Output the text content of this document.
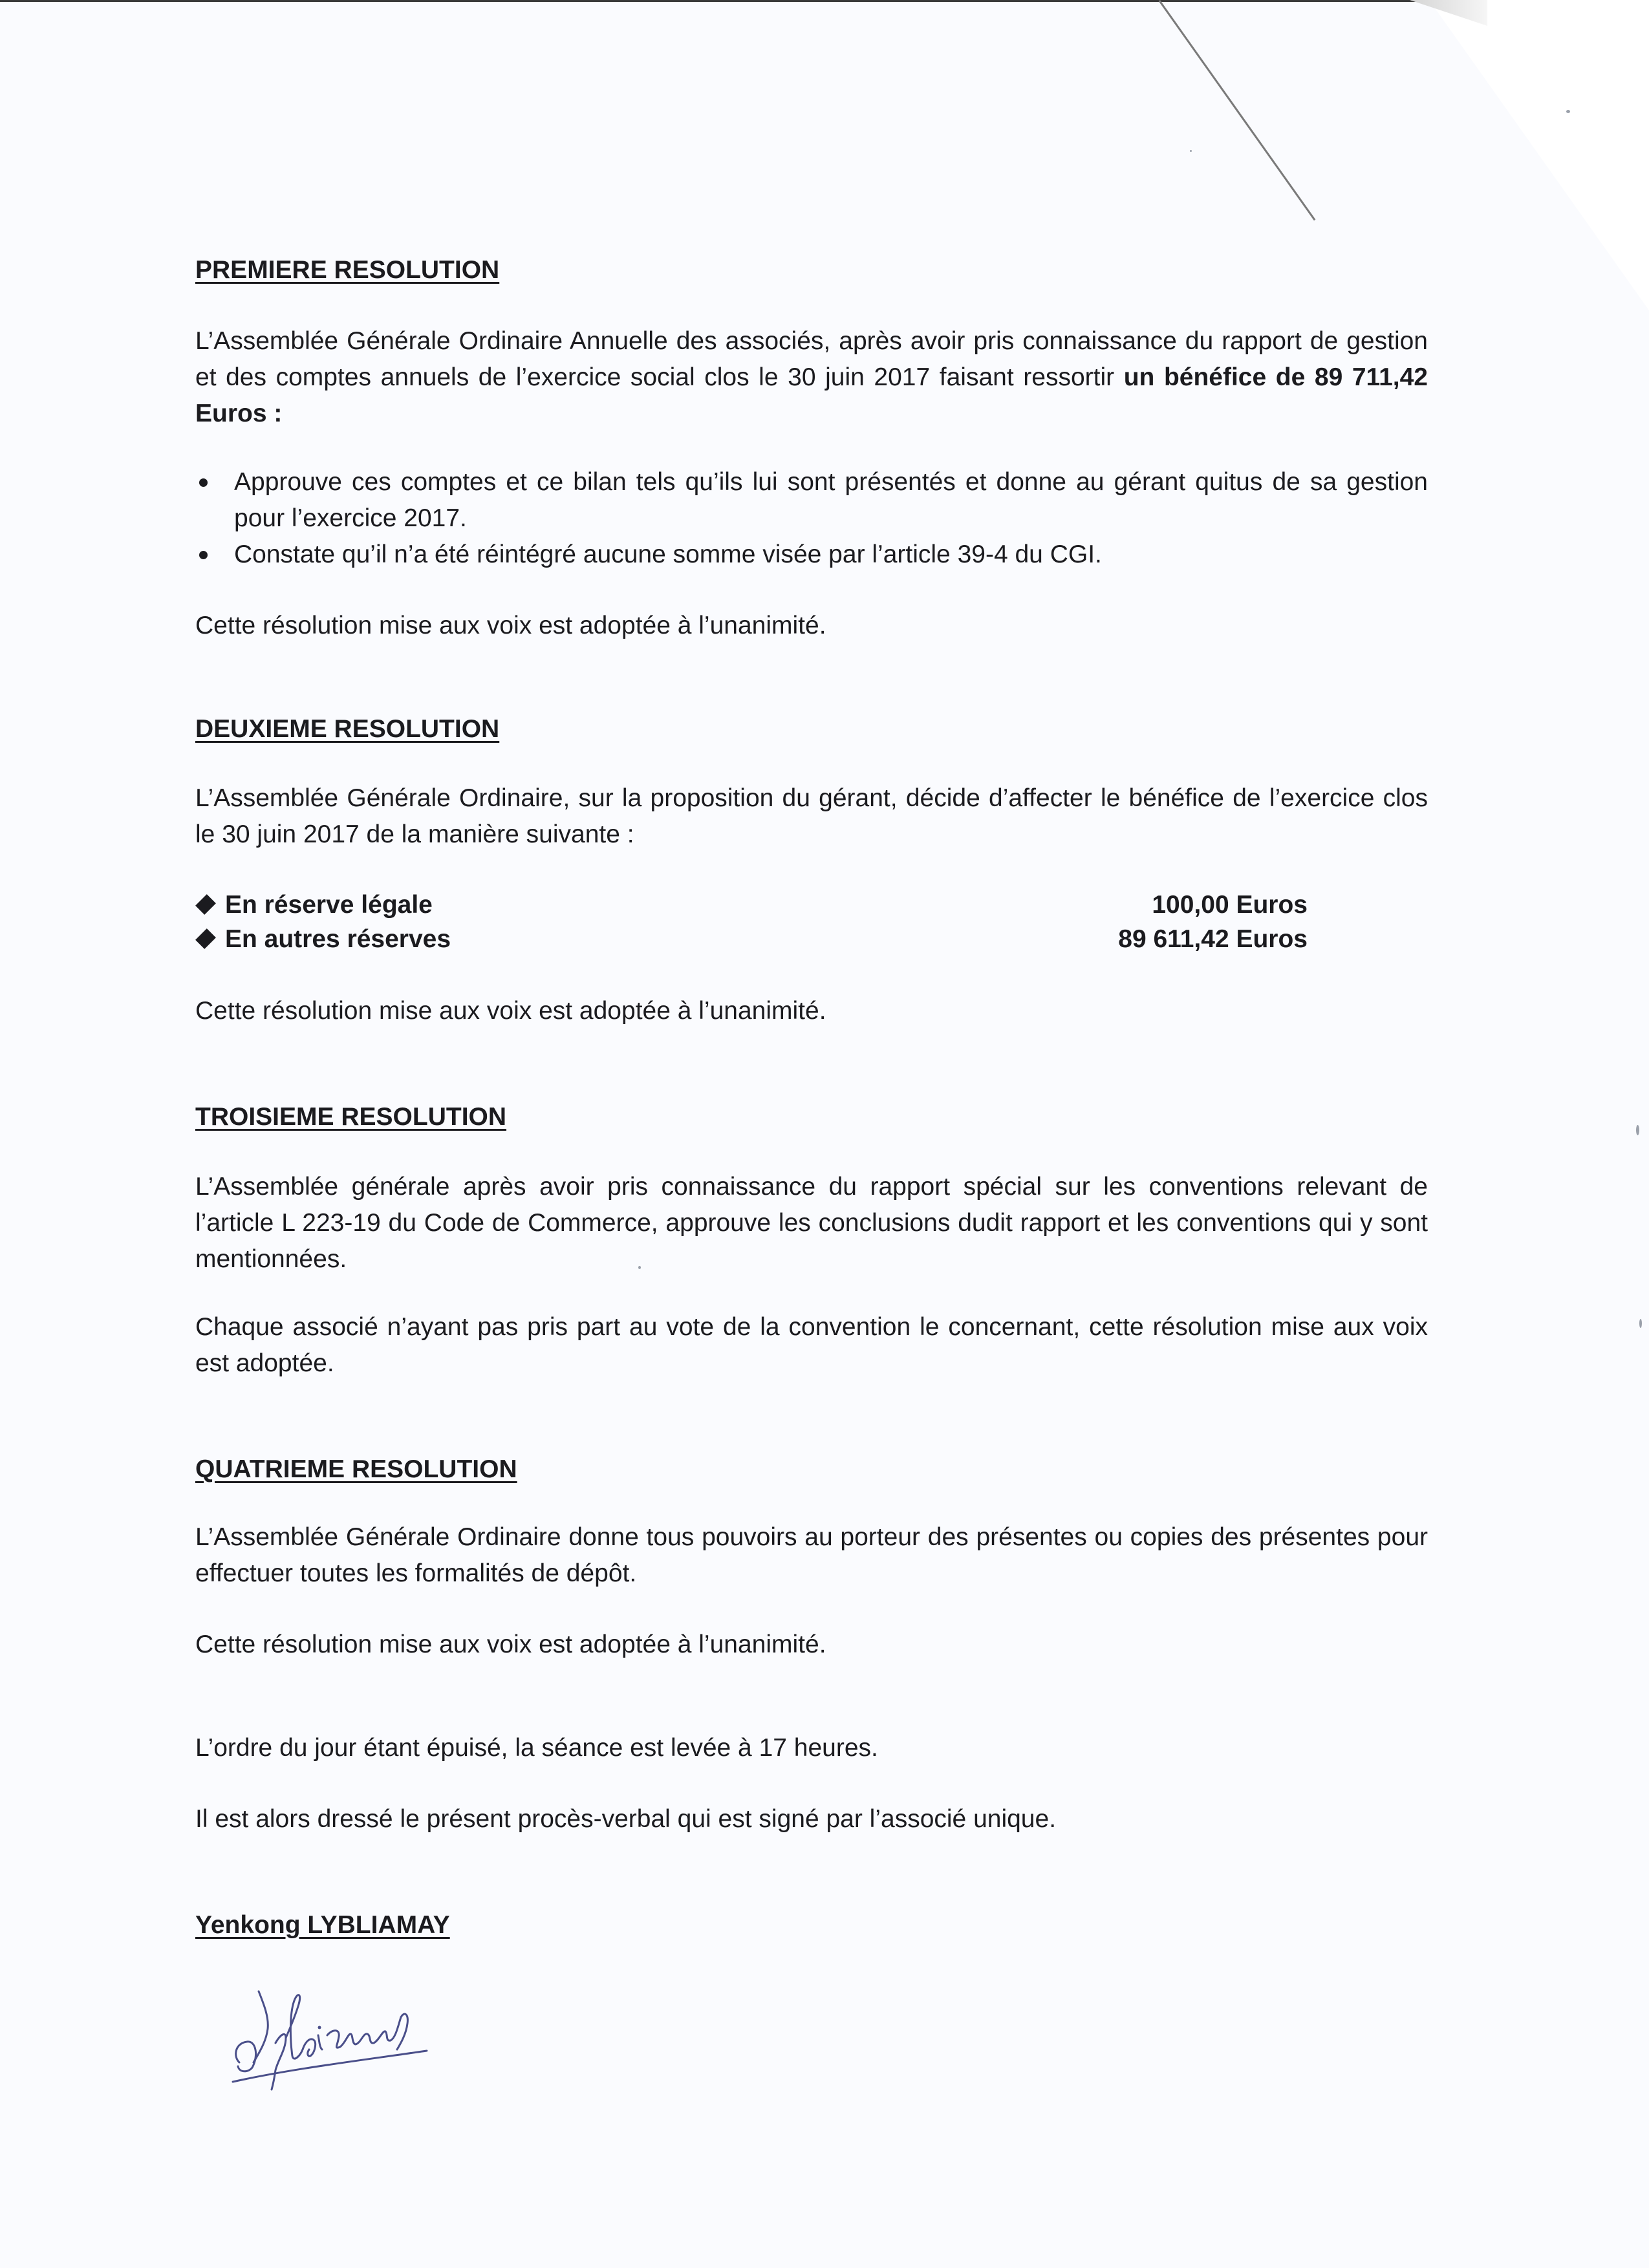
PREMIERE RESOLUTION
L’Assemblée Générale Ordinaire Annuelle des associés, après avoir pris connaissance du rapport de gestion et des comptes annuels de l’exercice social clos le 30 juin 2017 faisant ressortir un bénéfice de 89 711,42 Euros :
Approuve ces comptes et ce bilan tels qu’ils lui sont présentés et donne au gérant quitus de sa gestion pour l’exercice 2017.
Constate qu’il n’a été réintégré aucune somme visée par l’article 39-4 du CGI.
Cette résolution mise aux voix est adoptée à l’unanimité.
DEUXIEME RESOLUTION
L’Assemblée Générale Ordinaire, sur la proposition du gérant, décide d’affecter le bénéfice de l’exercice clos le 30 juin 2017 de la manière suivante :
En réserve légale	100,00 Euros
En autres réserves	89 611,42 Euros
Cette résolution mise aux voix est adoptée à l’unanimité.
TROISIEME RESOLUTION
L’Assemblée générale après avoir pris connaissance du rapport spécial sur les conventions relevant de l’article L 223-19 du Code de Commerce, approuve les conclusions dudit rapport et les conventions qui y sont mentionnées.
Chaque associé n’ayant pas pris part au vote de la convention le concernant, cette résolution mise aux voix est adoptée.
QUATRIEME RESOLUTION
L’Assemblée Générale Ordinaire donne tous pouvoirs au porteur des présentes ou copies des présentes pour effectuer toutes les formalités de dépôt.
Cette résolution mise aux voix est adoptée à l’unanimité.
L’ordre du jour étant épuisé, la séance est levée à 17 heures.
Il est alors dressé le présent procès-verbal qui est signé par l’associé unique.
Yenkong LYBLIAMAY
